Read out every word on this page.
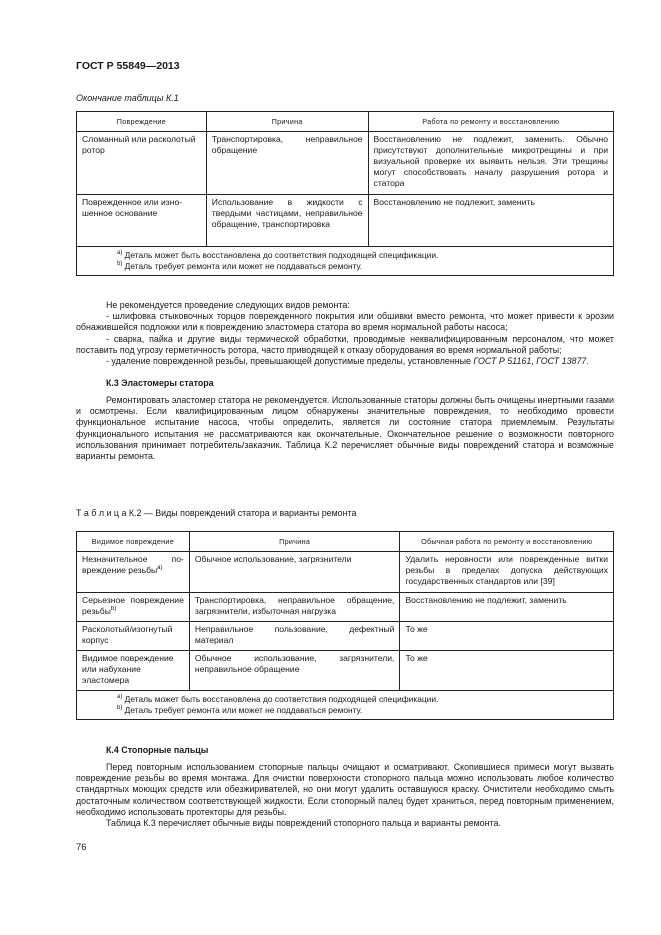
ГОСТ Р 55849—2013
Окончание таблицы К.1
Повреждение	Причина	Работа по ремонту и восстановлению
Сломанный или расколотый ротор	Транспортировка, неправильное обращение	Восстановлению не подлежит, заменить. Обычно присутствуют дополнительные микротрещины и при визуальной проверке их выявить нельзя. Эти трещины могут способствовать началу разрушения ротора и статора
Поврежденное или изношенное основание	Использование в жидкости с твердыми частицами, неправильное обращение, транспортировка	Восстановлению не подлежит, заменить

$^{a)}$ Деталь может быть восстановлена до соответствия подходящей спецификации.
$^{b)}$ Деталь требует ремонта или может не поддаваться ремонту.		

Не рекомендуется проведение следующих видов ремонта:

- шлифовка стыковочных торцов поврежденного покрытия или обшивки вместо ремонта, что может привести к эрозии обнажившейся подложки или к повреждению эластомера статора во время нормальной работы насоса;

- сварка, пайка и другие виды термической обработки, проводимые неквалифицированным персоналом, что может поставить под угрозу герметичность ротора, часто приводящей к отказу оборудования во время нормальной работы;

- удаление поврежденной резьбы, превышающей допустимые пределы, установленные ГОСТ Р 51161, ГОСТ 13877.

К.3 Эластомеры статора

Ремонтировать эластомер статора не рекомендуется. Использованные статоры должны быть очищены инертными газами и осмотрены. Если квалифицированным лицом обнаружены значительные повреждения, то необходимо провести функциональное испытание насоса, чтобы определить, является ли состояние статора приемлемым. Результаты функционального испытания не рассматриваются как окончательные. Окончательное решение о возможности повторного использования принимает потребитель/заказчик. Таблица К.2 перечисляет обычные виды повреждений статора и возможные варианты ремонта.

Т а б л и ц а К.2 — Виды повреждений статора и варианты ремонта
Видимое повреждение	Причина	Обычная работа по ремонту и восстановлению
Незначительное повреждение резьбы$^{a)}$	Обычное использование, загрязнители	Удалить неровности или поврежденные витки резьбы в пределах допуска действующих государственных стандартов или [39]
Серьезное повреждение резьбы$^{b)}$	Транспортировка, неправильное обращение, загрязнители, избыточная нагрузка	Восстановлению не подлежит, заменить
Расколотый/изогнутый корпус	Неправильное пользование, дефектный материал	То же
Видимое повреждение или набухание эластомера	Обычное использование, загрязнители, неправильное обращение	То же

$^{a)}$ Деталь может быть восстановлена до соответствия подходящей спецификации.
$^{b)}$ Деталь требует ремонта или может не поддаваться ремонту.		
К.4 Стопорные пальцы

Перед повторным использованием стопорные пальцы очищают и осматривают. Скопившиеся примеси могут вызвать повреждение резьбы во время монтажа. Для очистки поверхности стопорного пальца можно использовать любое количество стандартных моющих средств или обезжиривателей, но они могут удалить оставшуюся краску. Очистители необходимо смыть достаточным количеством соответствующей жидкости. Если стопорный палец будет храниться, перед повторным применением, необходимо использовать протекторы для резьбы.

Таблица К.3 перечисляет обычные виды повреждений стопорного пальца и варианты ремонта.

76
